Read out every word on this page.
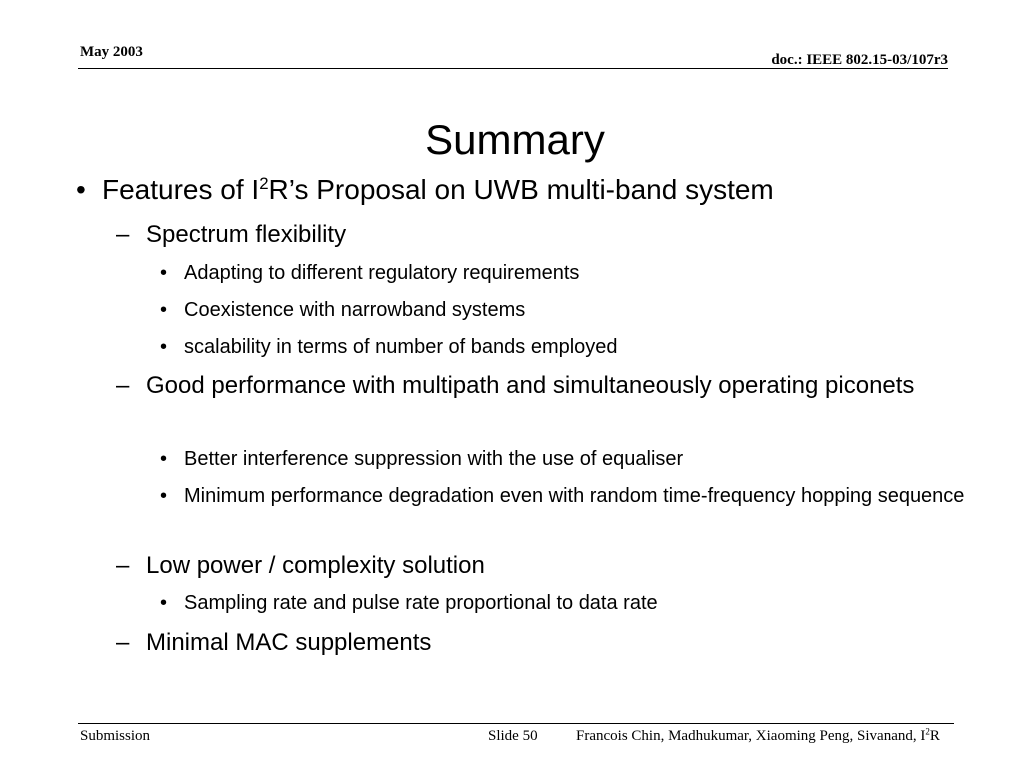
May 2003	doc.: IEEE 802.15-03/107r3
Summary
• Features of $I^2R’s$ Proposal on UWB multi-band system
– Spectrum flexibility
• Adapting to different regulatory requirements
• Coexistence with narrowband systems
• scalability in terms of number of bands employed
– Good performance with multipath and simultaneously operating piconets
• Better interference suppression with the use of equaliser
• Minimum performance degradation even with random time-frequency hopping sequence
– Low power / complexity solution
• Sampling rate and pulse rate proportional to data rate
– Minimal MAC supplements
Submission	Slide 50	Francois Chin, Madhukumar, Xiaoming Peng, Sivanand, $I^2R$
